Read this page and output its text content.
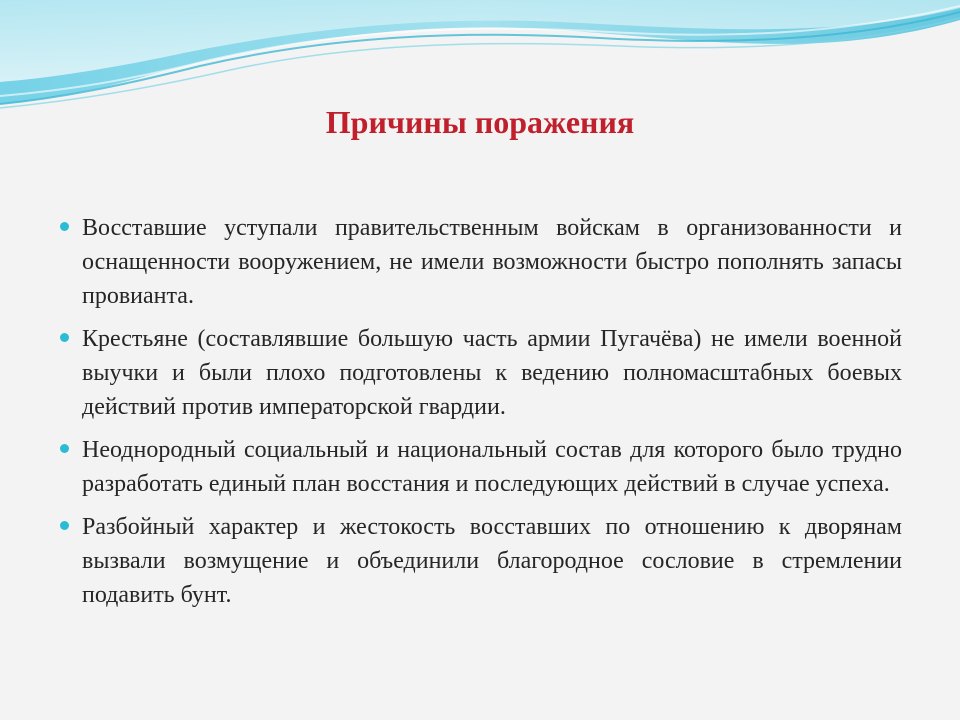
Причины поражения
Восставшие уступали правительственным войскам в организованности и оснащенности вооружением, не имели возможности быстро пополнять запасы провианта.
Крестьяне (составлявшие большую часть армии Пугачёва) не имели военной выучки и были плохо подготовлены к ведению полномасштабных боевых действий против императорской гвардии.
Неоднородный социальный и национальный состав для которого было трудно разработать единый план восстания и последующих действий в случае успеха.
Разбойный характер и жестокость восставших по отношению к дворянам вызвали возмущение и объединили благородное сословие в стремлении подавить бунт.
